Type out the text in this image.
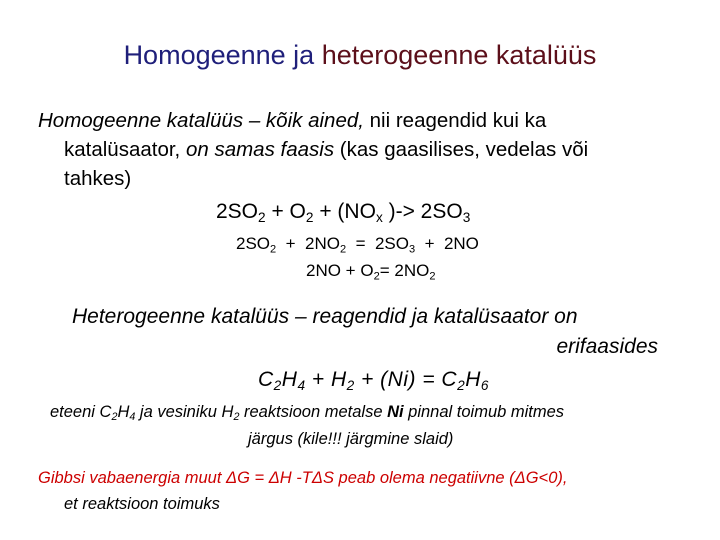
Homogeenne ja heterogeenne katalüüs
Homogeenne katalüüs – kõik ained, nii reagendid kui ka
katalüsaator, on samas faasis (kas gaasilises, vedelas või
tahkes)
$2SO_2 + O_2 + (NO_x$ )-> $2SO_3$
$2SO_2 + 2NO_2 = 2SO_3 + 2NO$
$2NO + O_2= 2NO_2$
Heterogeenne katalüüs – reagendid ja katalüsaator on
erifaasides
$C_2H_4 + H_2 + (Ni) = C_2H_6$
eteeni $C_2H_4$ ja vesiniku $H_2$ reaktsioon metalse Ni pinnal toimub mitmes
järgus (kile!!! järgmine slaid)
Gibbsi vabaenergia muut ΔG = ΔH -TΔS peab olema negatiivne (ΔG<0),
et reaktsioon toimuks
